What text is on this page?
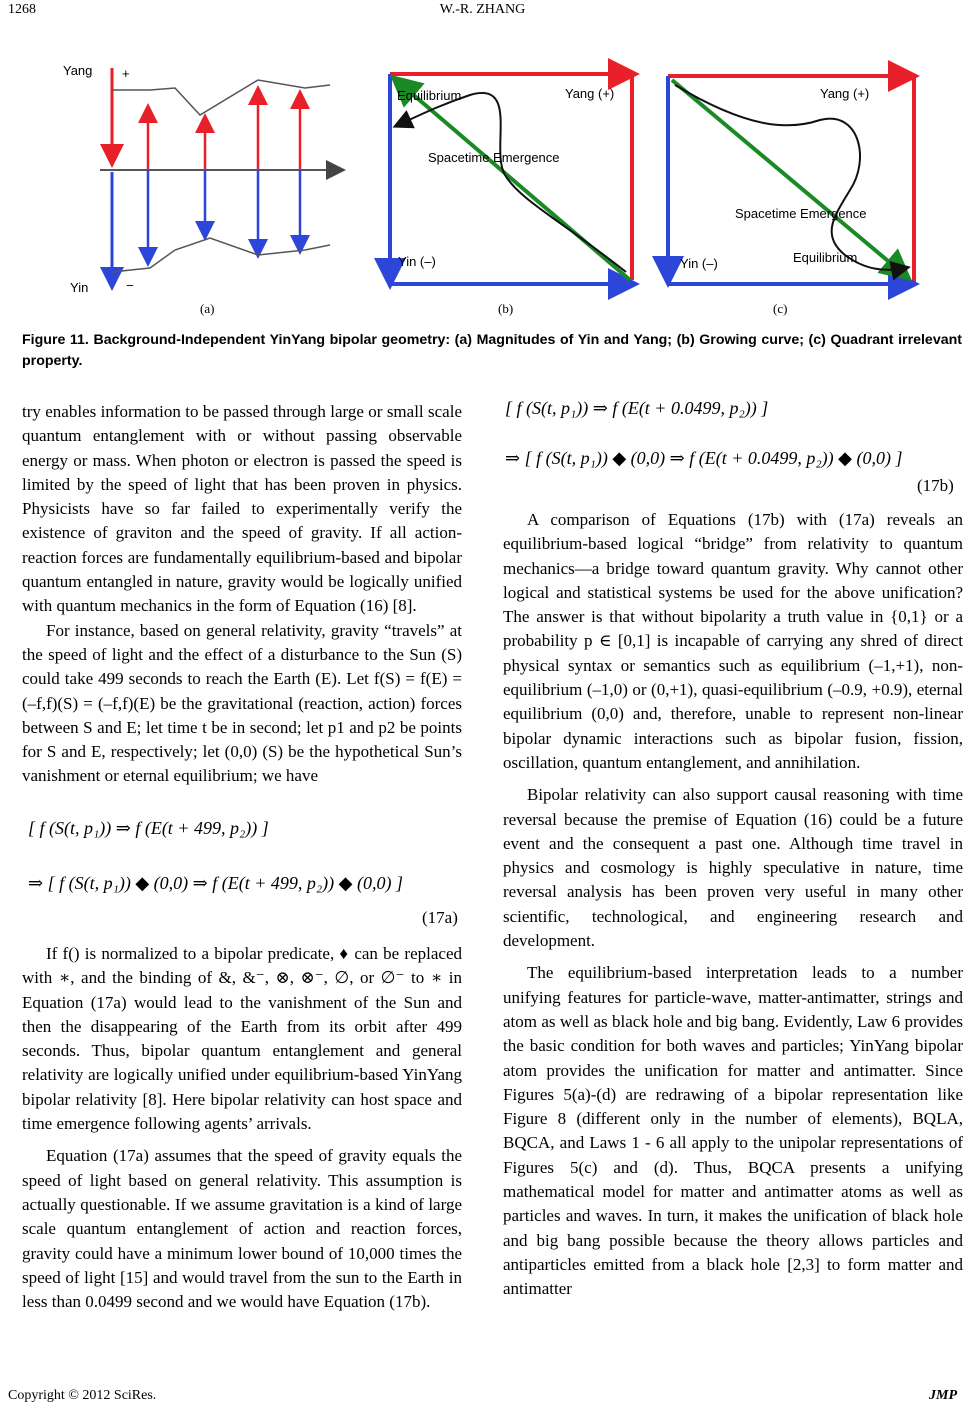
1268	W.-R. ZHANG
Yang +
Yin	−
(a)
Equilibrium	Yang (+)
Spacetime Emergence
Yin (–)
(b)
Yang (+)
Spacetime Emergence
Yin (–)	Equilibrium
(c)
Figure 11. Background-Independent YinYang bipolar geometry: (a) Magnitudes of Yin and Yang; (b) Growing curve; (c) Quadrant irrelevant property.

try enables information to be passed through large or small scale quantum entanglement with or without passing observable energy or mass. When photon or electron is passed the speed is limited by the speed of light that has been proven in physics. Physicists have so far failed to experimentally verify the existence of graviton and the speed of gravity. If all action-reaction forces are fundamentally equilibrium-based and bipolar quantum entangled in nature, gravity would be logically unified with quantum mechanics in the form of Equation (16) [8].

For instance, based on general relativity, gravity “travels” at the speed of light and the effect of a disturbance to the Sun (S) could take 499 seconds to reach the Earth (E). Let f(S) = f(E) = (–f,f)(S) = (–f,f)(E) be the gravitational (reaction, action) forces between S and E; let time t be in second; let p1 and p2 be points for S and E, respectively; let (0,0) (S) be the hypothetical Sun’s vanishment or eternal equilibrium; we have

[ f (S(t, p₁)) ⇒ f (E(t + 499, p₂)) ]
⇒ [ f (S(t, p₁)) ◆ (0,0) ⇒ f (E(t + 499, p₂)) ◆ (0,0) ]
(17a)

If f() is normalized to a bipolar predicate, ♦ can be replaced with ∗, and the binding of &, &⁻, ⊗, ⊗⁻, ∅, or ∅⁻ to ∗ in Equation (17a) would lead to the vanishment of the Sun and then the disappearing of the Earth from its orbit after 499 seconds. Thus, bipolar quantum entanglement and general relativity are logically unified under equilibrium-based YinYang bipolar relativity [8]. Here bipolar relativity can host space and time emergence following agents’ arrivals.

Equation (17a) assumes that the speed of gravity equals the speed of light based on general relativity. This assumption is actually questionable. If we assume gravitation is a kind of large scale quantum entanglement of action and reaction forces, gravity could have a minimum lower bound of 10,000 times the speed of light [15] and would travel from the sun to the Earth in less than 0.0499 second and we would have Equation (17b).

[ f (S(t, p₁)) ⇒ f (E(t + 0.0499, p₂)) ]
⇒ [ f (S(t, p₁)) ◆ (0,0) ⇒ f (E(t + 0.0499, p₂)) ◆ (0,0) ]
(17b)

A comparison of Equations (17b) with (17a) reveals an equilibrium-based logical “bridge” from relativity to quantum mechanics—a bridge toward quantum gravity. Why cannot other logical and statistical systems be used for the above unification? The answer is that without bipolarity a truth value in {0,1} or a probability p ∈ [0,1] is incapable of carrying any shred of direct physical syntax or semantics such as equilibrium (–1,+1), non-equilibrium (–1,0) or (0,+1), quasi-equilibrium (–0.9, +0.9), eternal equilibrium (0,0) and, therefore, unable to represent non-linear bipolar dynamic interactions such as bipolar fusion, fission, oscillation, quantum entanglement, and annihilation.

Bipolar relativity can also support causal reasoning with time reversal because the premise of Equation (16) could be a future event and the consequent a past one. Although time travel in physics and cosmology is highly speculative in nature, time reversal analysis has been proven very useful in many other scientific, technological, and engineering research and development.

The equilibrium-based interpretation leads to a number unifying features for particle-wave, matter-antimatter, strings and atom as well as black hole and big bang. Evidently, Law 6 provides the basic condition for both waves and particles; YinYang bipolar atom provides the unification for matter and antimatter. Since Figures 5(a)-(d) are redrawing of a bipolar representation like Figure 8 (different only in the number of elements), BQLA, BQCA, and Laws 1 - 6 all apply to the unipolar representations of Figures 5(c) and (d). Thus, BQCA presents a unifying mathematical model for matter and antimatter atoms as well as particles and waves. In turn, it makes the unification of black hole and big bang possible because the theory allows particles and antiparticles emitted from a black hole [2,3] to form matter and antimatter

Copyright © 2012 SciRes.	JMP
